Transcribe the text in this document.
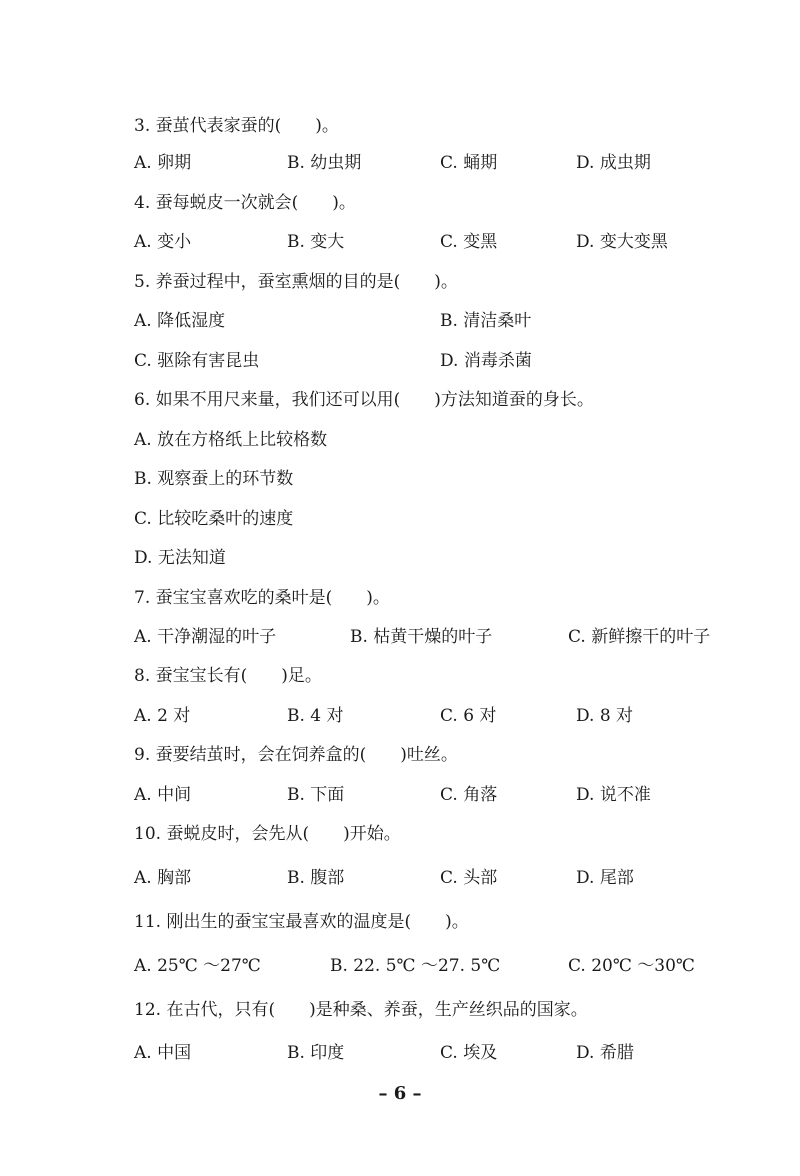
3. 蚕茧代表家蚕的(　　)。
A. 卵期	B. 幼虫期	C. 蛹期	D. 成虫期
4. 蚕每蜕皮一次就会(　　)。
A. 变小	B. 变大	C. 变黑	D. 变大变黑
5. 养蚕过程中，蚕室熏烟的目的是(　　)。
A. 降低湿度	B. 清洁桑叶
C. 驱除有害昆虫	D. 消毒杀菌
6. 如果不用尺来量，我们还可以用(　　)方法知道蚕的身长。
A. 放在方格纸上比较格数
B. 观察蚕上的环节数
C. 比较吃桑叶的速度
D. 无法知道
7. 蚕宝宝喜欢吃的桑叶是(　　)。
A. 干净潮湿的叶子	B. 枯黄干燥的叶子	C. 新鲜擦干的叶子
8. 蚕宝宝长有(　　)足。
A. 2 对	B. 4 对	C. 6 对	D. 8 对
9. 蚕要结茧时，会在饲养盒的(　　)吐丝。
A. 中间	B. 下面	C. 角落	D. 说不准
10. 蚕蜕皮时，会先从(　　)开始。
A. 胸部	B. 腹部	C. 头部	D. 尾部
11. 刚出生的蚕宝宝最喜欢的温度是(　　)。
A. 25℃ ～27℃	B. 22. 5℃ ～27. 5℃	C. 20℃ ～30℃
12. 在古代，只有(　　)是种桑、养蚕，生产丝织品的国家。
A. 中国	B. 印度	C. 埃及	D. 希腊
– 6 –
